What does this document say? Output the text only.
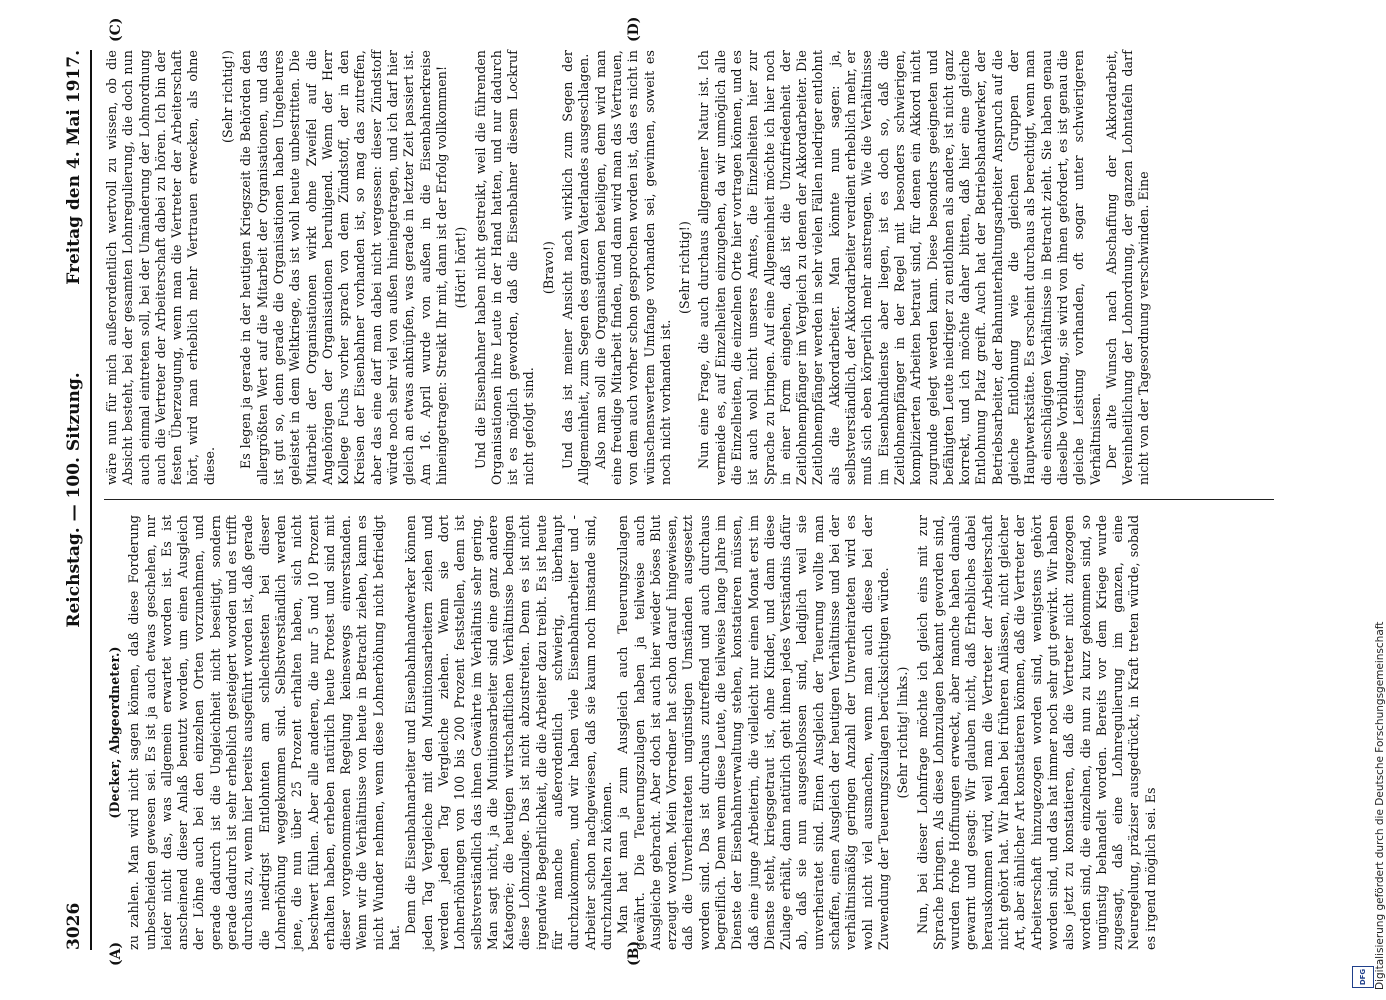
3026
Reichstag. — 100. Sitzung.
Freitag den 4. Mai 1917.
(A)	(B)
(C)	(D)

(Decker, Abgeordneter.) zu zahlen. Man wird nicht sagen können, daß diese Forderung unbescheiden gewesen sei. Es ist ja auch etwas geschehen, nur leider nicht das, was allgemein erwartet worden ist. Es ist anscheinend dieser Anlaß benutzt worden, um einen Ausgleich der Löhne auch bei den einzelnen Orten vorzunehmen, und gerade dadurch ist die Ungleichheit nicht beseitigt, sondern gerade dadurch ist sehr erheblich gesteigert worden und es trifft durchaus zu, wenn hier bereits ausgeführt worden ist, daß gerade die niedrigst Entlohnten am schlechtesten bei dieser Lohnerhöhung weggekommen sind. Selbstverständlich werden jene, die nun über 25 Prozent erhalten haben, sich nicht beschwert fühlen. Aber alle anderen, die nur 5 und 10 Prozent erhalten haben, erheben natürlich heute Protest und sind mit dieser vorgenommenen Regelung keineswegs einverstanden. Wenn wir die Verhältnisse von heute in Betracht ziehen, kann es nicht Wunder nehmen, wenn diese Lohnerhöhung nicht befriedigt hat.

Denn die Eisenbahnarbeiter und Eisenbahnhandwerker können jeden Tag Vergleiche mit den Munitionsarbeitern ziehen und werden jeden Tag Vergleiche ziehen. Wenn sie dort Lohnerhöhungen von 100 bis 200 Prozent feststellen, denn ist selbstverständlich das ihnen Gewährte im Verhältnis sehr gering. Man sagt nicht, ja die Munitionsarbeiter sind eine ganz andere Kategorie; die heutigen wirtschaftlichen Verhältnisse bedingen diese Lohnzulage. Das ist nicht abzustreiten. Denn es ist nicht irgendwie Begehrlichkeit, die die Arbeiter dazu treibt. Es ist heute für manche außerordentlich schwierig, überhaupt durchzukommen, und wir haben viele Eisenbahnarbeiter und -Arbeiter schon nachgewiesen, daß sie kaum noch imstande sind, durchzuhalten zu können. Man hat man ja zum Ausgleich auch Teuerungszulagen gewährt. Die Teuerungszulagen haben ja teilweise auch Ausgleiche gebracht. Aber doch ist auch hier wieder böses Blut erzeugt worden. Mein Vorredner hat schon darauf hingewiesen, daß die Unverheirateten ungünstigen Umständen ausgesetzt worden sind. Das ist durchaus zutreffend und auch durchaus begreiflich. Denn wenn diese Leute, die teilweise lange Jahre im Dienste der Eisenbahnverwaltung stehen, konstatieren müssen, daß eine junge Arbeiterin, die vielleicht nur einen Monat erst im Dienste steht, kriegsgetraut ist, ohne Kinder, und dann diese Zulage erhält, dann natürlich geht ihnen jedes Verständnis dafür ab, daß sie nun ausgeschlossen sind, lediglich weil sie unverheiratet sind. Einen Ausgleich der Teuerung wollte man schaffen, einen Ausgleich der heutigen Verhältnisse und bei der verhältnismäßig geringen Anzahl der Unverheirateten wird es wohl nicht viel ausmachen, wenn man auch diese bei der Zuwendung der Teuerungszulagen berücksichtigen würde. (Sehr richtig! links.) Nun, bei dieser Lohnfrage möchte ich gleich eins mit zur Sprache bringen. Als diese Lohnzulagen bekannt geworden sind, wurden frohe Hoffnungen erweckt, aber manche haben damals gewarnt und gesagt: Wir glauben nicht, daß Erhebliches dabei herauskommen wird, weil man die Vertreter der Arbeiterschaft nicht gehört hat. Wir haben bei früheren Anlässen, nicht gleicher Art, aber ähnlicher Art konstatieren können, daß die Vertreter der Arbeiterschaft hinzugezogen worden sind, wenigstens gehört worden sind, und das hat immer noch sehr gut gewirkt. Wir haben also jetzt zu konstatieren, daß die Vertreter nicht zugezogen worden sind, die einzelnen, die nun zu kurz gekommen sind, so ungünstig behandelt worden. Bereits vor dem Kriege wurde zugesagt, daß eine Lohnregulierung im ganzen, eine Neuregelung, präziser ausgedrückt, in Kraft treten würde, sobald es irgend möglich sei. Es

wäre nun für mich außerordentlich wertvoll zu wissen, ob die Absicht besteht, bei der gesamten Lohnregulierung, die doch nun auch einmal eintreten soll, bei der Umänderung der Lohnordnung auch die Vertreter der Arbeiterschaft dabei zu hören. Ich bin der festen Überzeugung, wenn man die Vertreter der Arbeiterschaft hört, wird man erheblich mehr Vertrauen erwecken, als ohne diese.

(Sehr richtig!) Es legen ja gerade in der heutigen Kriegszeit die Behörden den allergrößten Wert auf die Mitarbeit der Organisationen, und das ist gut so, denn gerade die Organisationen haben Ungeheures geleistet in dem Weltkriege, das ist wohl heute unbestritten. Die Mitarbeit der Organisationen wirkt ohne Zweifel auf die Angehörigen der Organisationen beruhigend. Wenn der Herr Kollege Fuchs vorher sprach von dem Zündstoff, der in den Kreisen der Eisenbahner vorhanden ist, so mag das zutreffen, aber das eine darf man dabei nicht vergessen: dieser Zündstoff würde noch sehr viel von außen hineingetragen, und ich darf hier gleich an etwas anknüpfen, was gerade in letzter Zeit passiert ist. Am 16. April wurde von außen in die Eisenbahnerkreise hineingetragen: Streikt Ihr mit, dann ist der Erfolg vollkommen! (Hört! hört!) Und die Eisenbahner haben nicht gestreikt, weil die führenden Organisationen ihre Leute in der Hand hatten, und nur dadurch ist es möglich geworden, daß die Eisenbahner diesem Lockruf nicht gefolgt sind.

(Bravo!) Und das ist meiner Ansicht nach wirklich zum Segen der Allgemeinheit, zum Segen des ganzen Vaterlandes ausgeschlagen. Also man soll die Organisationen beteiligen, denn wird man eine freudige Mitarbeit finden, und dann wird man das Vertrauen, von dem auch vorher schon gesprochen worden ist, das es nicht in wünschenswertem Umfange vorhanden sei, gewinnen, soweit es noch nicht vorhanden ist.

(Sehr richtig!) Nun eine Frage, die auch durchaus allgemeiner Natur ist. Ich vermeide es, auf Einzelheiten einzugehen, da wir unmöglich alle die Einzelheiten, die einzelnen Orte hier vortragen können, und es ist auch wohl nicht unseres Amtes, die Einzelheiten hier zur Sprache zu bringen. Auf eine Allgemeinheit möchte ich hier noch in einer Form eingehen, daß ist die Unzufriedenheit der Zeitlohnempfänger im Vergleich zu denen der Akkordarbeiter. Die Zeitlohnempfänger werden in sehr vielen Fällen niedriger entlohnt als die Akkordarbeiter. Man könnte nun sagen: ja, selbstverständlich, der Akkordarbeiter verdient erheblich mehr, er muß sich eben körperlich mehr anstrengen. Wie die Verhältnisse im Eisenbahndienste aber liegen, ist es doch so, daß die Zeitlohnempfänger in der Regel mit besonders schwierigen, komplizierten Arbeiten betraut sind, für denen ein Akkord nicht zugrunde gelegt werden kann. Diese besonders geeigneten und befähigten Leute niedriger zu entlohnen als andere, ist nicht ganz korrekt, und ich möchte daher bitten, daß hier eine gleiche Entlohnung Platz greift. Auch hat der Betriebshandwerker, der Betriebsarbeiter, der Bahnunterhaltungsarbeiter Anspruch auf die gleiche Entlohnung wie die gleichen Gruppen der Hauptwerkstätte. Es erscheint durchaus als berechtigt, wenn man die einschlägigen Verhältnisse in Betracht zieht. Sie haben genau dieselbe Vorbildung, sie wird von ihnen gefordert, es ist genau die gleiche Leistung vorhanden, oft sogar unter schwierigeren Verhältnissen. Der alte Wunsch nach Abschaffung der Akkordarbeit, Vereinheitlichung der Lohnordnung, der ganzen Lohntafeln darf nicht von der Tagesordnung verschwinden. Eine

Digitalisierung gefördert durch die Deutsche Forschungsgemeinschaft
DFG
